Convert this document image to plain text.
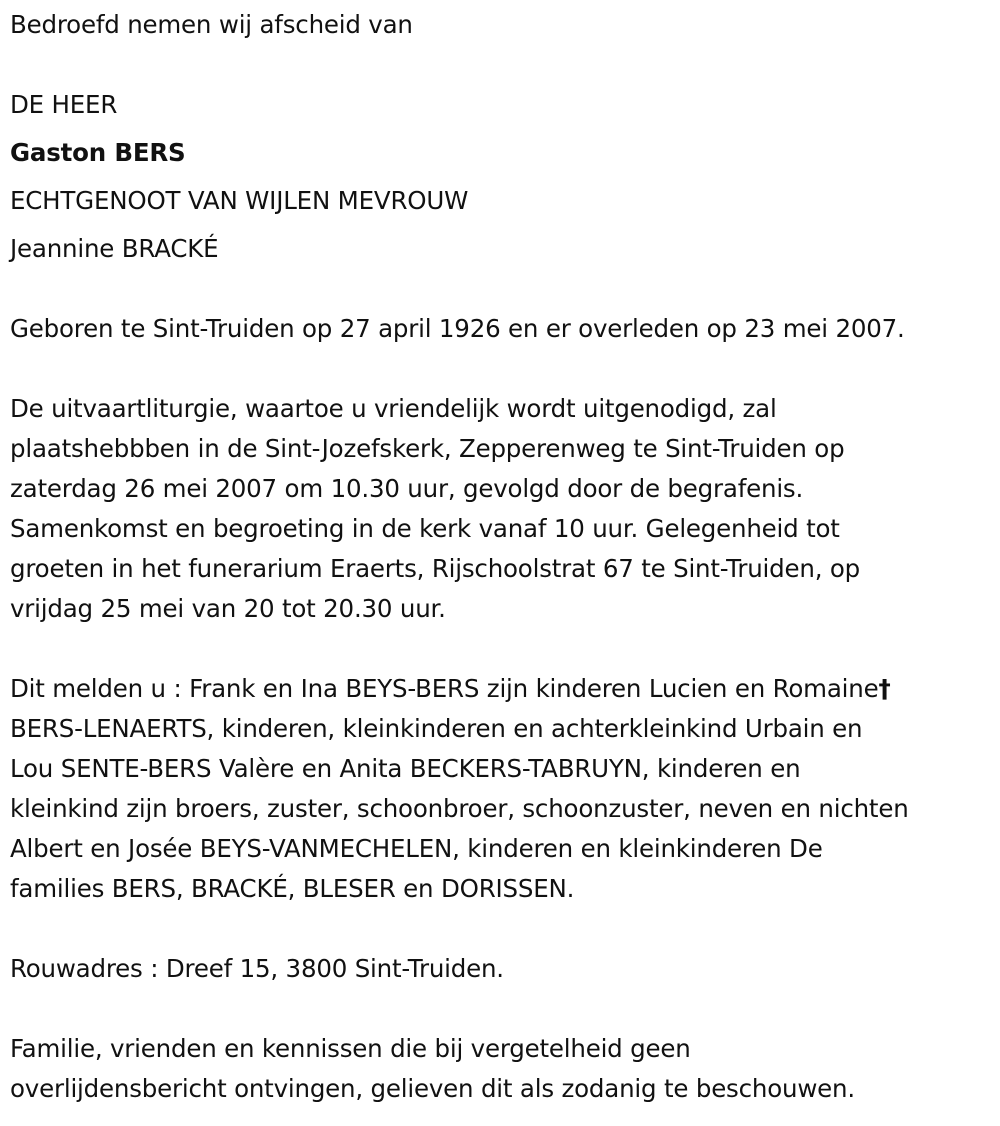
Bedroefd nemen wij afscheid van
DE HEER
Gaston BERS
ECHTGENOOT VAN WIJLEN MEVROUW
Jeannine BRACKÉ
Geboren te Sint-Truiden op 27 april 1926 en er overleden op 23 mei 2007.
De uitvaartliturgie, waartoe u vriendelijk wordt uitgenodigd, zal
plaatshebbben in de Sint-Jozefskerk, Zepperenweg te Sint-Truiden op
zaterdag 26 mei 2007 om 10.30 uur, gevolgd door de begrafenis.
Samenkomst en begroeting in de kerk vanaf 10 uur. Gelegenheid tot
groeten in het funerarium Eraerts, Rijschoolstrat 67 te Sint-Truiden, op
vrijdag 25 mei van 20 tot 20.30 uur.
Dit melden u : Frank en Ina BEYS-BERS zijn kinderen Lucien en Romaine†
BERS-LENAERTS, kinderen, kleinkinderen en achterkleinkind Urbain en
Lou SENTE-BERS Valère en Anita BECKERS-TABRUYN, kinderen en
kleinkind zijn broers, zuster, schoonbroer, schoonzuster, neven en nichten
Albert en Josée BEYS-VANMECHELEN, kinderen en kleinkinderen De
families BERS, BRACKÉ, BLESER en DORISSEN.
Rouwadres : Dreef 15, 3800 Sint-Truiden.
Familie, vrienden en kennissen die bij vergetelheid geen
overlijdensbericht ontvingen, gelieven dit als zodanig te beschouwen.
